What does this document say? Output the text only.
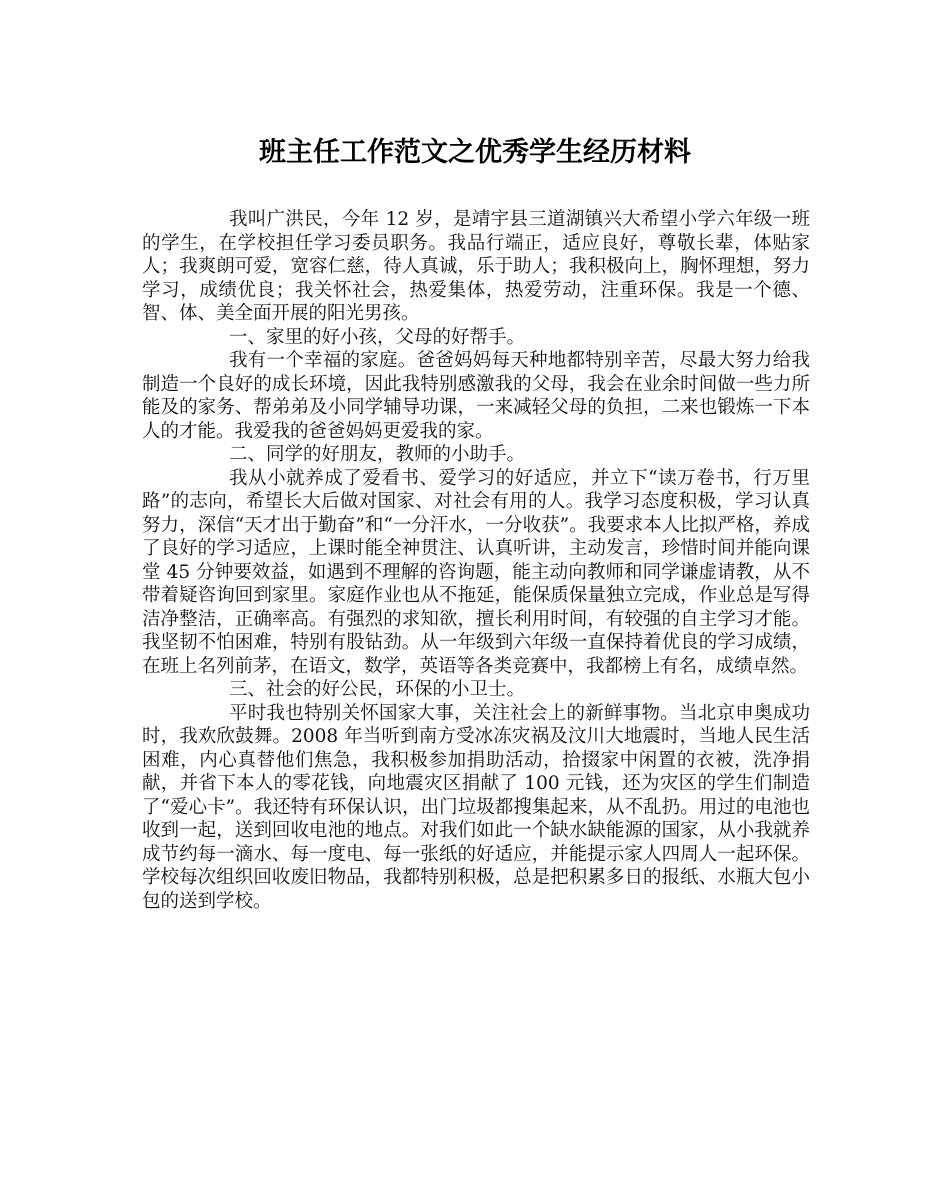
班主任工作范文之优秀学生经历材料

我叫广洪民，今年 12 岁，是靖宇县三道湖镇兴大希望小学六年级一班的学生，在学校担任学习委员职务。我品行端正，适应良好，尊敬长辈，体贴家人；我爽朗可爱，宽容仁慈，待人真诚，乐于助人；我积极向上，胸怀理想，努力学习，成绩优良；我关怀社会，热爱集体，热爱劳动，注重环保。我是一个德、智、体、美全面开展的阳光男孩。

一、家里的好小孩，父母的好帮手。

我有一个幸福的家庭。爸爸妈妈每天种地都特别辛苦，尽最大努力给我制造一个良好的成长环境，因此我特别感激我的父母，我会在业余时间做一些力所能及的家务、帮弟弟及小同学辅导功课，一来减轻父母的负担，二来也锻炼一下本人的才能。我爱我的爸爸妈妈更爱我的家。

二、同学的好朋友，教师的小助手。

我从小就养成了爱看书、爱学习的好适应，并立下“读万卷书，行万里路”的志向，希望长大后做对国家、对社会有用的人。我学习态度积极，学习认真努力，深信“天才出于勤奋”和“一分汗水，一分收获”。我要求本人比拟严格，养成了良好的学习适应，上课时能全神贯注、认真听讲，主动发言，珍惜时间并能向课堂 45 分钟要效益，如遇到不理解的咨询题，能主动向教师和同学谦虚请教，从不带着疑咨询回到家里。家庭作业也从不拖延，能保质保量独立完成，作业总是写得洁净整洁，正确率高。有强烈的求知欲，擅长利用时间，有较强的自主学习才能。我坚韧不怕困难，特别有股钻劲。从一年级到六年级一直保持着优良的学习成绩，在班上名列前茅，在语文，数学，英语等各类竞赛中，我都榜上有名，成绩卓然。

三、社会的好公民，环保的小卫士。

平时我也特别关怀国家大事，关注社会上的新鲜事物。当北京申奥成功时，我欢欣鼓舞。2008 年当听到南方受冰冻灾祸及汶川大地震时，当地人民生活困难，内心真替他们焦急，我积极参加捐助活动，拾掇家中闲置的衣被，洗净捐献，并省下本人的零花钱，向地震灾区捐献了 100 元钱，还为灾区的学生们制造了“爱心卡”。我还特有环保认识，出门垃圾都搜集起来，从不乱扔。用过的电池也收到一起，送到回收电池的地点。对我们如此一个缺水缺能源的国家，从小我就养成节约每一滴水、每一度电、每一张纸的好适应，并能提示家人四周人一起环保。学校每次组织回收废旧物品，我都特别积极，总是把积累多日的报纸、水瓶大包小包的送到学校。
